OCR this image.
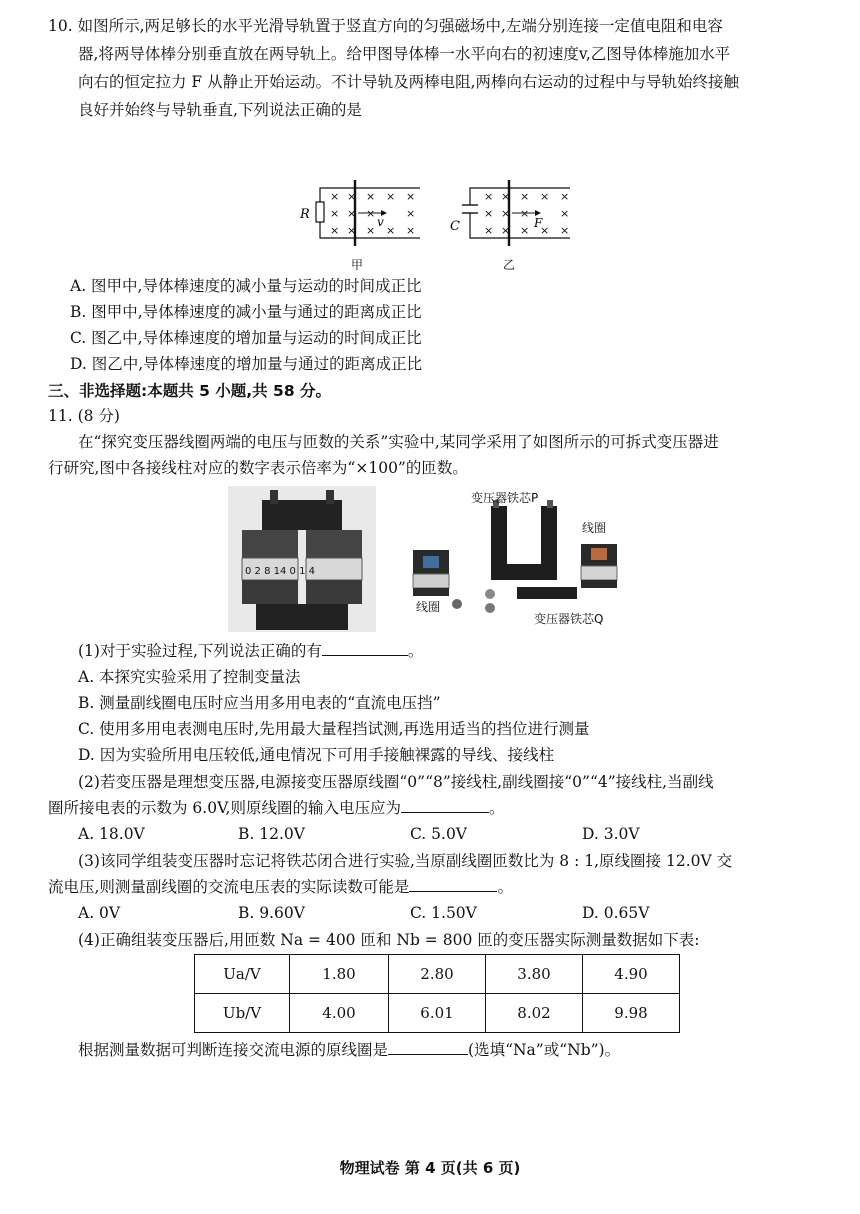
10. 如图所示,两足够长的水平光滑导轨置于竖直方向的匀强磁场中,左端分别连接一定值电阻和电容
器,将两导体棒分别垂直放在两导轨上。给甲图导体棒一水平向右的初速度v,乙图导体棒施加水平
向右的恒定拉力 F 从静止开始运动。不计导轨及两棒电阻,两棒向右运动的过程中与导轨始终接触
良好并始终与导轨垂直,下列说法正确的是
R	v	C	F
×
×
×
×
×
×
×
×
×
×
×
×
×
×
×
×
×
×
×
×
×
×
×
×
×
×
×
×
甲	乙
A. 图甲中,导体棒速度的减小量与运动的时间成正比
B. 图甲中,导体棒速度的减小量与通过的距离成正比
C. 图乙中,导体棒速度的增加量与运动的时间成正比
D. 图乙中,导体棒速度的增加量与通过的距离成正比
三、非选择题:本题共 5 小题,共 58 分。
11. (8 分)
在“探究变压器线圈两端的电压与匝数的关系”实验中,某同学采用了如图所示的可拆式变压器进
行研究,图中各接线柱对应的数字表示倍率为“×100”的匝数。
0 2 8 14 0 1 4
变压器铁芯P
线圈
线圈
变压器铁芯Q
(1)对于实验过程,下列说法正确的有	。
A. 本探究实验采用了控制变量法
B. 测量副线圈电压时应当用多用电表的“直流电压挡”
C. 使用多用电表测电压时,先用最大量程挡试测,再选用适当的挡位进行测量
D. 因为实验所用电压较低,通电情况下可用手接触裸露的导线、接线柱
(2)若变压器是理想变压器,电源接变压器原线圈“0”“8”接线柱,副线圈接“0”“4”接线柱,当副线
圈所接电表的示数为 6.0V,则原线圈的输入电压应为	。
A. 18.0V	B. 12.0V	C. 5.0V	D. 3.0V
(3)该同学组装变压器时忘记将铁芯闭合进行实验,当原副线圈匝数比为 8 : 1,原线圈接 12.0V 交
流电压,则测量副线圈的交流电压表的实际读数可能是	。
A. 0V	B. 9.60V	C. 1.50V	D. 0.65V
(4)正确组装变压器后,用匝数 Na = 400 匝和 Nb = 800 匝的变压器实际测量数据如下表:
Ua/V	1.80	2.80	3.80	4.90
Ub/V	4.00	6.01	8.02	9.98
根据测量数据可判断连接交流电源的原线圈是	(选填“Na”或“Nb”)。
物理试卷 第 4 页(共 6 页)
